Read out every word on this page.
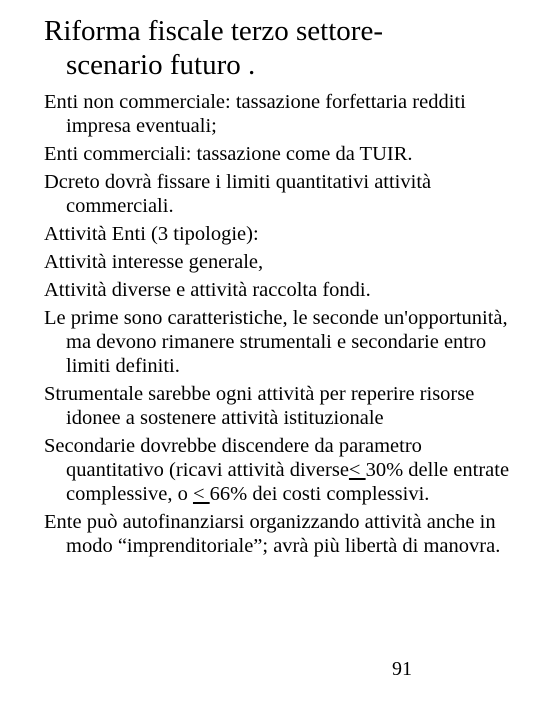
Riforma fiscale terzo settore-
scenario futuro .
Enti non commerciale: tassazione forfettaria redditi impresa eventuali;
Enti commerciali: tassazione come da TUIR.
Dcreto dovrà fissare i limiti quantitativi attività commerciali.
Attività Enti (3 tipologie):
Attività interesse generale,
Attività diverse e attività raccolta fondi.
Le prime sono caratteristiche, le seconde un'opportunità, ma devono rimanere strumentali e secondarie entro limiti definiti.
Strumentale sarebbe ogni attività per reperire risorse idonee a sostenere attività istituzionale
Secondarie dovrebbe discendere da parametro quantitativo (ricavi attività diverse< 30% delle entrate complessive, o < 66% dei costi complessivi.
Ente può autofinanziarsi organizzando attività anche in modo “imprenditoriale”; avrà più libertà di manovra.
91
